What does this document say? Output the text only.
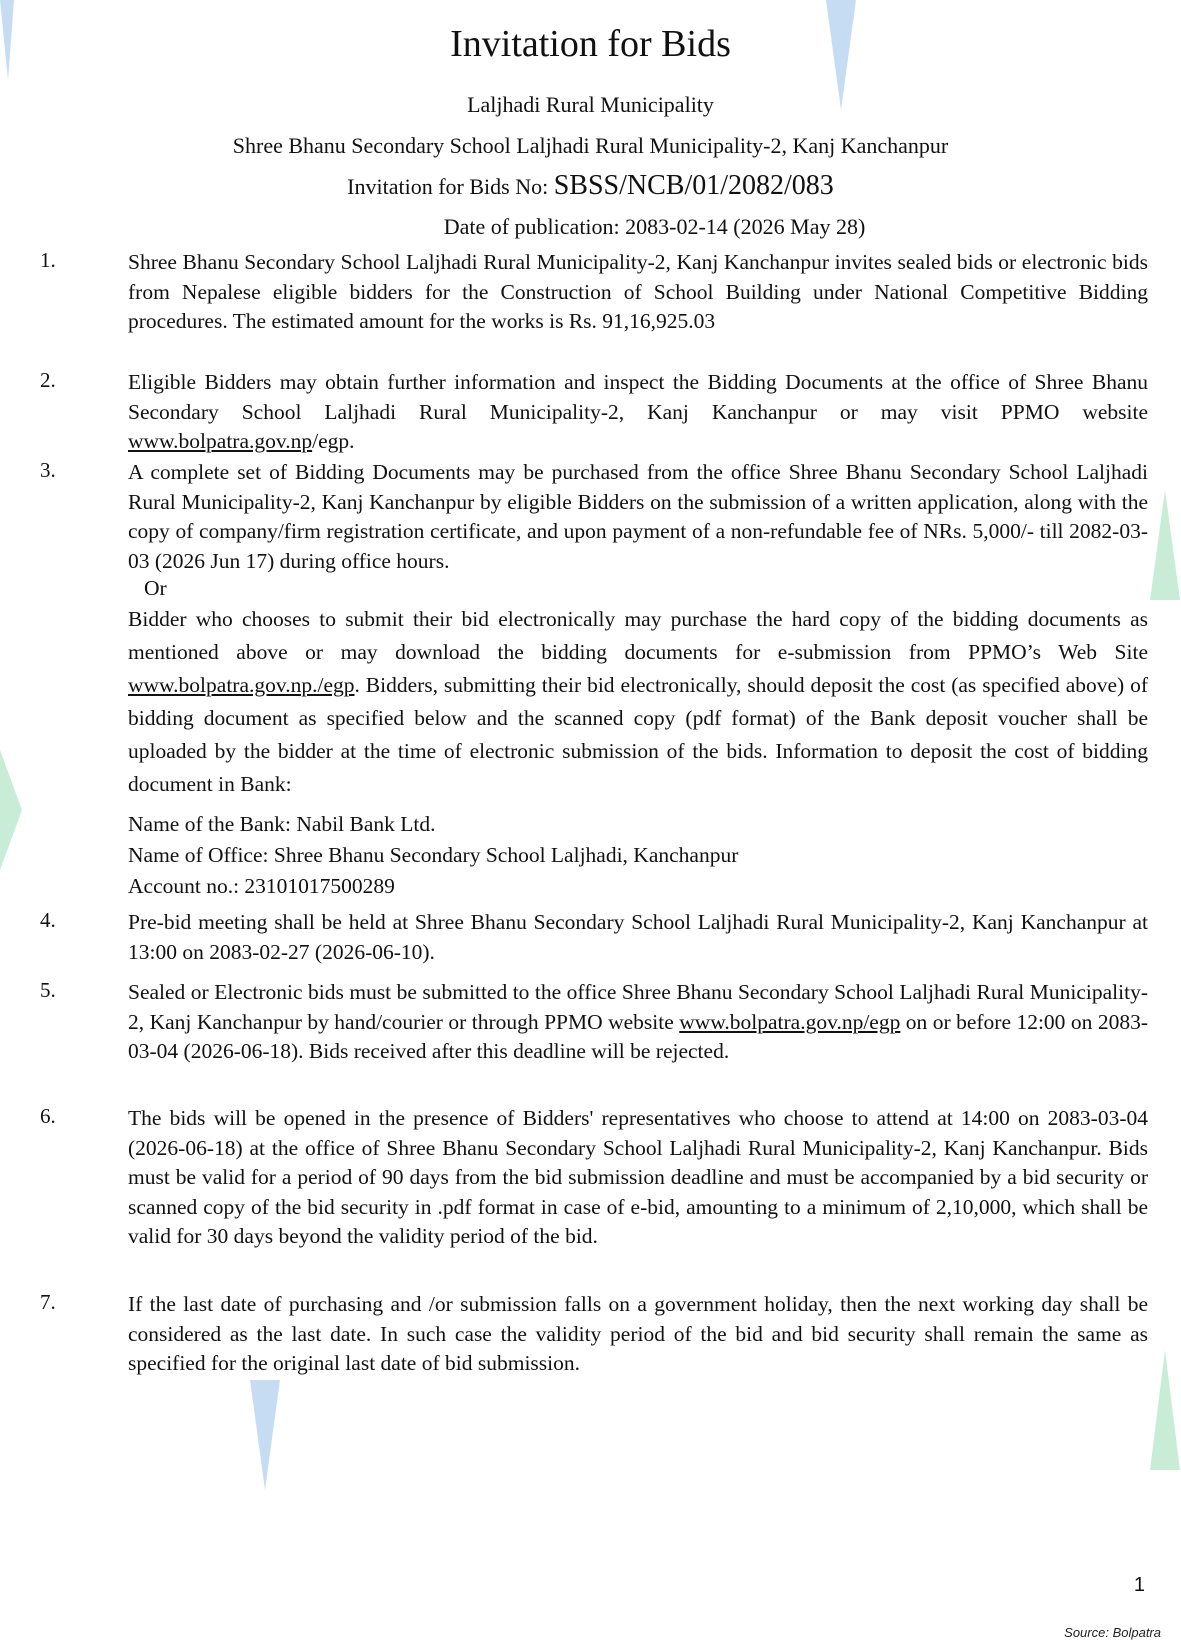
Invitation for Bids
Laljhadi Rural Municipality
Shree Bhanu Secondary School Laljhadi Rural Municipality-2, Kanj Kanchanpur
Invitation for Bids No: SBSS/NCB/01/2082/083
Date of publication: 2083-02-14 (2026 May 28)
1.	Shree Bhanu Secondary School Laljhadi Rural Municipality-2, Kanj Kanchanpur invites sealed bids or electronic bids from Nepalese eligible bidders for the Construction of School Building under National Competitive Bidding procedures. The estimated amount for the works is Rs. 91,16,925.03
2.	Eligible Bidders may obtain further information and inspect the Bidding Documents at the office of Shree Bhanu Secondary School Laljhadi Rural Municipality-2, Kanj Kanchanpur or may visit PPMO website www.bolpatra.gov.np/egp.
3.	A complete set of Bidding Documents may be purchased from the office Shree Bhanu Secondary School Laljhadi Rural Municipality-2, Kanj Kanchanpur by eligible Bidders on the submission of a written application, along with the copy of company/firm registration certificate, and upon payment of a non-refundable fee of NRs. 5,000/- till 2082-03-03 (2026 Jun 17) during office hours.
Or
Bidder who chooses to submit their bid electronically may purchase the hard copy of the bidding documents as mentioned above or may download the bidding documents for e-submission from PPMO’s Web Site www.bolpatra.gov.np./egp. Bidders, submitting their bid electronically, should deposit the cost (as specified above) of bidding document as specified below and the scanned copy (pdf format) of the Bank deposit voucher shall be uploaded by the bidder at the time of electronic submission of the bids. Information to deposit the cost of bidding document in Bank:
Name of the Bank: Nabil Bank Ltd.
Name of Office: Shree Bhanu Secondary School Laljhadi, Kanchanpur
Account no.: 23101017500289
4.	Pre-bid meeting shall be held at Shree Bhanu Secondary School Laljhadi Rural Municipality-2, Kanj Kanchanpur at 13:00 on 2083-02-27 (2026-06-10).
5.	Sealed or Electronic bids must be submitted to the office Shree Bhanu Secondary School Laljhadi Rural Municipality-2, Kanj Kanchanpur by hand/courier or through PPMO website www.bolpatra.gov.np/egp on or before 12:00 on 2083-03-04 (2026-06-18). Bids received after this deadline will be rejected.
6.	The bids will be opened in the presence of Bidders' representatives who choose to attend at 14:00 on 2083-03-04 (2026-06-18) at the office of Shree Bhanu Secondary School Laljhadi Rural Municipality-2, Kanj Kanchanpur. Bids must be valid for a period of 90 days from the bid submission deadline and must be accompanied by a bid security or scanned copy of the bid security in .pdf format in case of e-bid, amounting to a minimum of 2,10,000, which shall be valid for 30 days beyond the validity period of the bid.
7.	If the last date of purchasing and /or submission falls on a government holiday, then the next working day shall be considered as the last date. In such case the validity period of the bid and bid security shall remain the same as specified for the original last date of bid submission.
1
Source: Bolpatra
